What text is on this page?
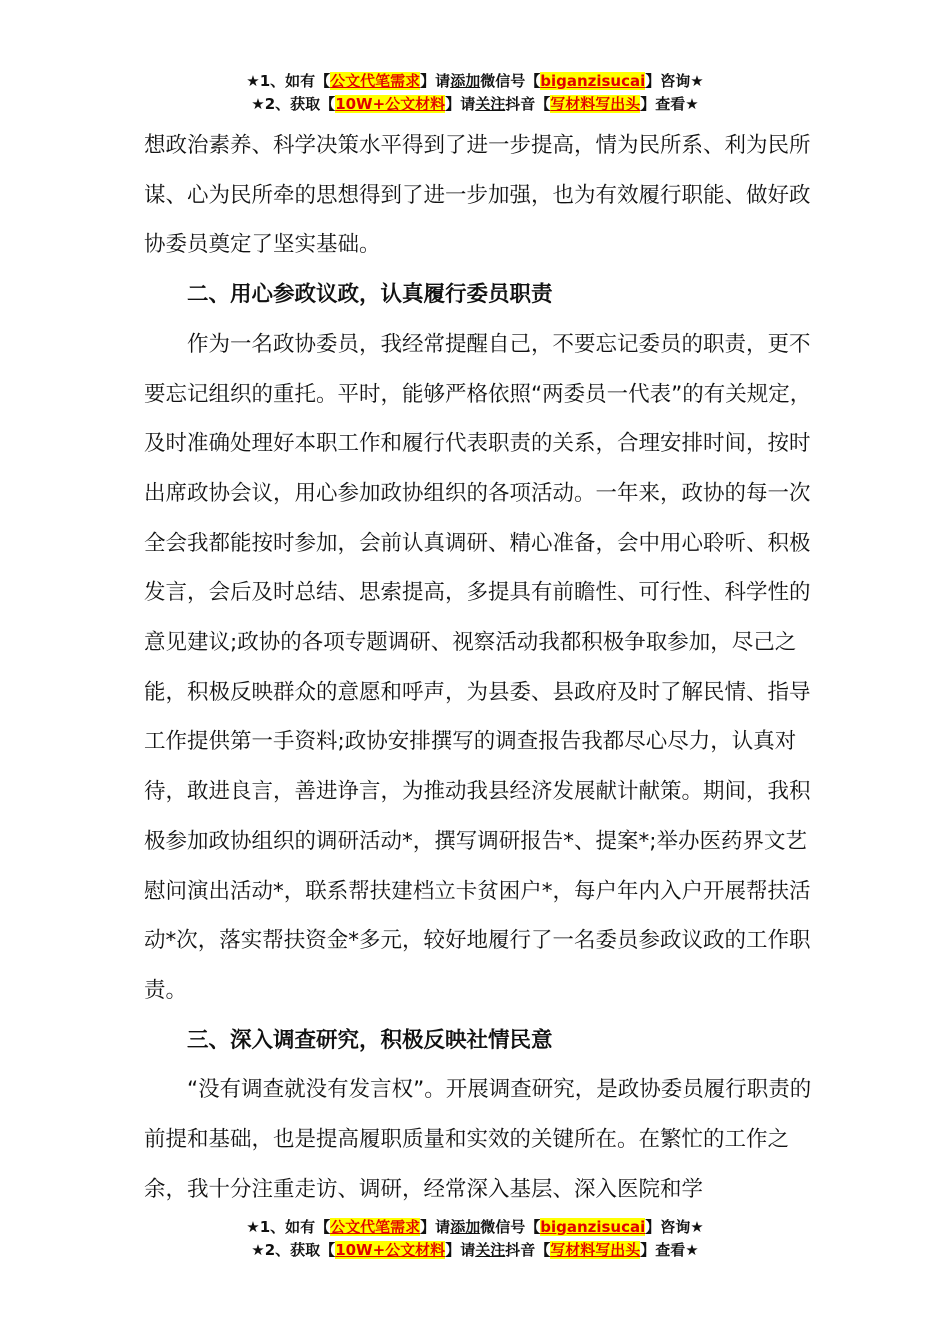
★1、如有【公文代笔需求】请添加微信号【biganzisucai】咨询★
★2、获取【10W+公文材料】请关注抖音【写材料写出头】查看★

想政治素养、科学决策水平得到了进一步提高，情为民所系、利为民所谋、心为民所牵的思想得到了进一步加强，也为有效履行职能、做好政协委员奠定了坚实基础。

二、用心参政议政，认真履行委员职责

作为一名政协委员，我经常提醒自己，不要忘记委员的职责，更不要忘记组织的重托。平时，能够严格依照“两委员一代表”的有关规定，及时准确处理好本职工作和履行代表职责的关系，合理安排时间，按时出席政协会议，用心参加政协组织的各项活动。一年来，政协的每一次全会我都能按时参加，会前认真调研、精心准备，会中用心聆听、积极发言，会后及时总结、思索提高，多提具有前瞻性、可行性、科学性的意见建议;政协的各项专题调研、视察活动我都积极争取参加，尽己之能，积极反映群众的意愿和呼声，为县委、县政府及时了解民情、指导工作提供第一手资料;政协安排撰写的调查报告我都尽心尽力，认真对待，敢进良言，善进诤言，为推动我县经济发展献计献策。期间，我积极参加政协组织的调研活动*，撰写调研报告*、提案*;举办医药界文艺慰问演出活动*，联系帮扶建档立卡贫困户*，每户年内入户开展帮扶活动*次，落实帮扶资金*多元，较好地履行了一名委员参政议政的工作职责。

三、深入调查研究，积极反映社情民意

“没有调查就没有发言权”。开展调查研究，是政协委员履行职责的前提和基础，也是提高履职质量和实效的关键所在。在繁忙的工作之余，我十分注重走访、调研，经常深入基层、深入医院和学

★1、如有【公文代笔需求】请添加微信号【biganzisucai】咨询★
★2、获取【10W+公文材料】请关注抖音【写材料写出头】查看★
